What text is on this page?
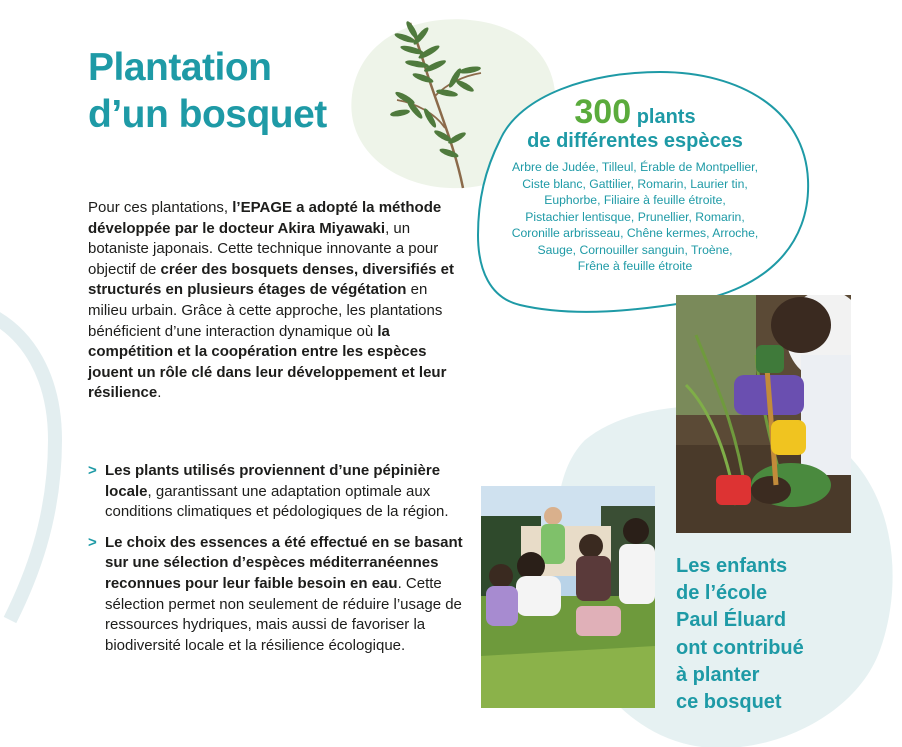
Plantation
d’un bosquet

Pour ces plantations, l’EPAGE a adopté la méthode développée par le docteur Akira Miyawaki, un botaniste japonais. Cette technique innovante a pour objectif de créer des bosquets denses, diversifiés et structurés en plusieurs étages de végétation en milieu urbain. Grâce à cette approche, les plantations bénéficient d’une interaction dynamique où la compétition et la coopération entre les espèces jouent un rôle clé dans leur développement et leur résilience.

> Les plants utilisés proviennent d’une pépinière locale, garantissant une adaptation optimale aux conditions climatiques et pédologiques de la région.
> Le choix des essences a été effectué en se basant sur une sélection d’espèces méditerranéennes reconnues pour leur faible besoin en eau. Cette sélection permet non seulement de réduire l’usage de ressources hydriques, mais aussi de favoriser la biodiversité locale et la résilience écologique.
300 plants
de différentes espèces
Arbre de Judée, Tilleul, Érable de Montpellier,
Ciste blanc, Gattilier, Romarin, Laurier tin,
Euphorbe, Filiaire à feuille étroite,
Pistachier lentisque, Prunellier, Romarin,
Coronille arbrisseau, Chêne kermes, Arroche,
Sauge, Cornouiller sanguin, Troène,
Frêne à feuille étroite

Les enfants
de l’école
Paul Éluard
ont contribué
à planter
ce bosquet
